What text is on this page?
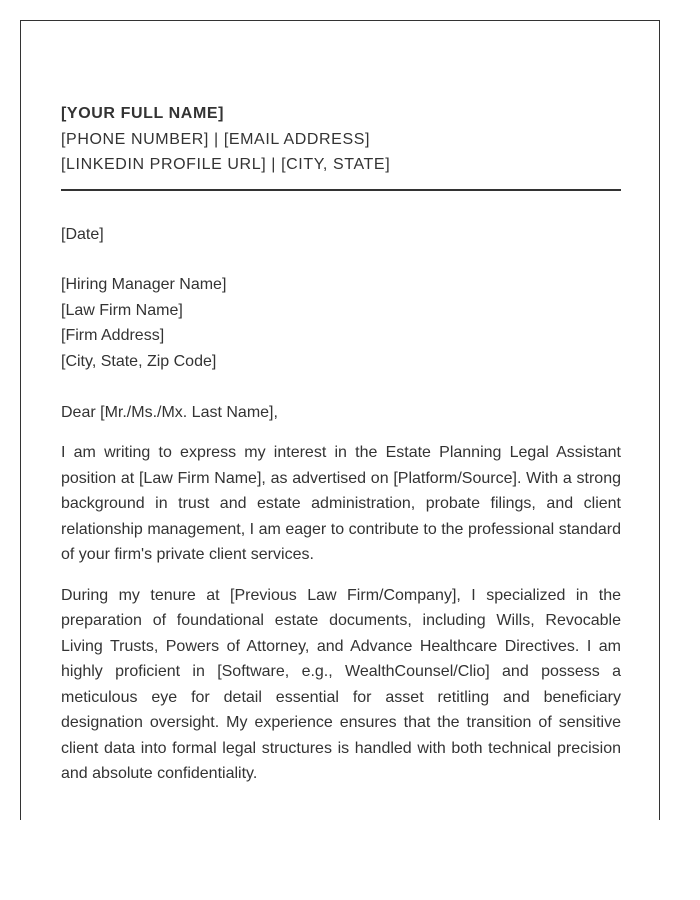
[YOUR FULL NAME]

[PHONE NUMBER] | [EMAIL ADDRESS]

[LINKEDIN PROFILE URL] | [CITY, STATE]

[Date]
[Hiring Manager Name]
[Law Firm Name]
[Firm Address]
[City, State, Zip Code]
Dear [Mr./Ms./Mx. Last Name],
I am writing to express my interest in the Estate Planning Legal Assistant position at [Law Firm Name], as advertised on [Platform/Source]. With a strong background in trust and estate administration, probate filings, and client relationship management, I am eager to contribute to the professional standard of your firm's private client services.
During my tenure at [Previous Law Firm/Company], I specialized in the preparation of foundational estate documents, including Wills, Revocable Living Trusts, Powers of Attorney, and Advance Healthcare Directives. I am highly proficient in [Software, e.g., WealthCounsel/Clio] and possess a meticulous eye for detail essential for asset retitling and beneficiary designation oversight. My experience ensures that the transition of sensitive client data into formal legal structures is handled with both technical precision and absolute confidentiality.
